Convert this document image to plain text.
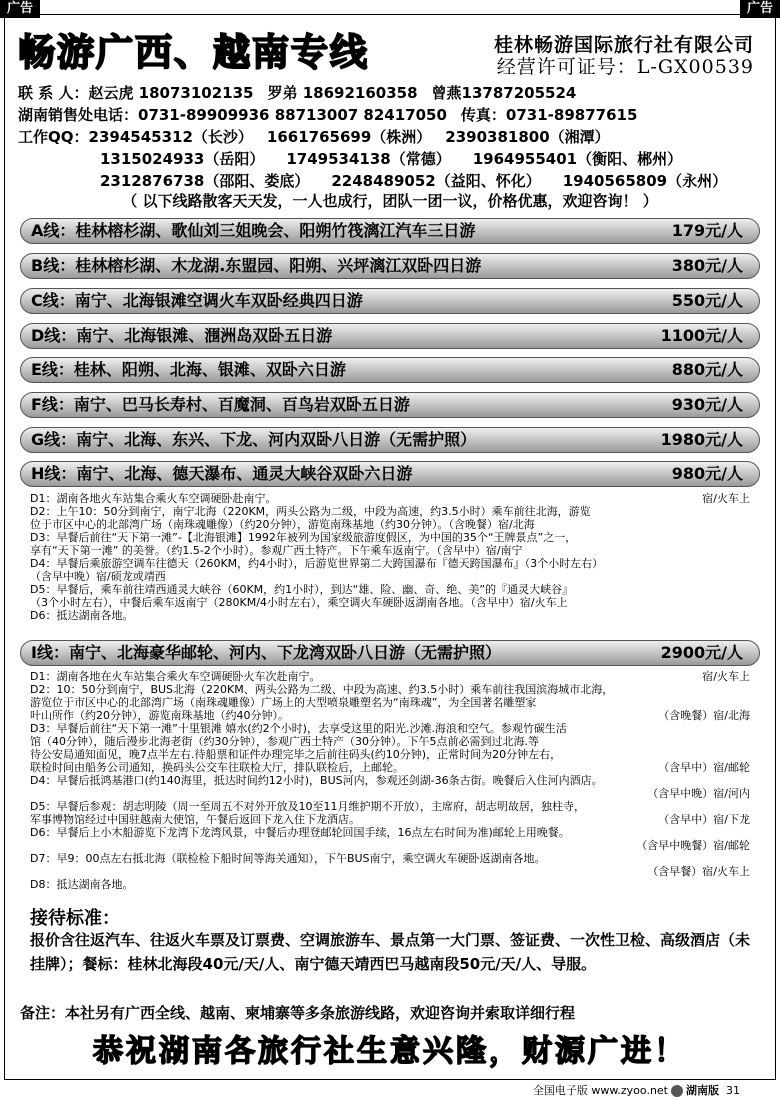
广告	广告
畅游广西、越南专线	桂林畅游国际旅行社有限公司
经营许可证号：L-GX00539
联 系 人：赵云虎 18073102135 罗弟 18692160358 曾燕13787205524
湖南销售处电话：0731-89909936 88713007 82417050 传真：0731-89877615
工作QQ：2394545312（长沙） 1661765699（株洲） 2390381800（湘潭）
1315024933（岳阳） 1749534138（常德） 1964955401（衡阳、郴州）
2312876738（邵阳、娄底） 2248489052（益阳、怀化） 1940565809（永州）
（ 以下线路散客天天发，一人也成行，团队一团一议，价格优惠，欢迎咨询！ ）
A线：桂林榕杉湖、歌仙刘三姐晚会、阳朔竹筏漓江汽车三日游	179元/人
B线：桂林榕杉湖、木龙湖.东盟园、阳朔、兴坪漓江双卧四日游	380元/人
C线：南宁、北海银滩空调火车双卧经典四日游	550元/人
D线：南宁、北海银滩、涠洲岛双卧五日游	1100元/人
E线：桂林、阳朔、北海、银滩、双卧六日游	880元/人
F线：南宁、巴马长寿村、百魔洞、百鸟岩双卧五日游	930元/人
G线：南宁、北海、东兴、下龙、河内双卧八日游（无需护照）	1980元/人
H线：南宁、北海、德天瀑布、通灵大峡谷双卧六日游	980元/人
D1：湖南各地火车站集合乘火车空调硬卧赴南宁。	宿/火车上
D2：上午10：50分到南宁，南宁北海（220KM，两头公路为二级，中段为高速，约3.5小时）乘车前往北海，游览
位于市区中心的北部湾广场（南珠魂雕像）（约20分钟），游览南珠基地（约30分钟）。（含晚餐）宿/北海
D3：早餐后前往“天下第一滩”-【北海银滩】1992年被列为国家级旅游度假区，为中国的35个“王牌景点”之一，
享有“天下第一滩” 的美誉。（约1.5-2个小时）。参观广西土特产。下午乘车返南宁。（含早中）宿/南宁
D4：早餐后乘旅游空调车往德天（260KM，约4小时），后游览世界第二大跨国瀑布『德天跨国瀑布』（3个小时左右）
（含早中晚）宿/硕龙或靖西
D5：早餐后，乘车前往靖西通灵大峡谷（60KM，约1小时），到达“雄、险、幽、奇、绝、美”的『通灵大峡谷』
（3个小时左右），中餐后乘车返南宁（280KM/4小时左右），乘空调火车硬卧返湖南各地。（含早中）宿/火车上
D6：抵达湖南各地。
I线：南宁、北海豪华邮轮、河内、下龙湾双卧八日游（无需护照）	2900元/人
D1：湖南各地在火车站集合乘火车空调硬卧火车次赴南宁。	宿/火车上
D2：10：50分到南宁，BUS北海（220KM、两头公路为二级、中段为高速、约3.5小时）乘车前往我国滨海城市北海，
游览位于市区中心的北部湾广场（南珠魂雕像）广场上的大型喷泉雕塑名为“南珠魂”，为全国著名雕塑家
叶山所作（约20分钟），游览南珠基地（约40分钟）。	（含晚餐）宿/北海
D3：早餐后前往“天下第一滩”十里银滩 嬉水(约2个小时)，去享受这里的阳光.沙滩.海浪和空气。参观竹碳生活
馆（40分钟），随后漫步北海老街（约30分钟），参观广西土特产（30分钟）。下午5点前必需到过北海.等
待公安局通知面见，晚7点半左右.待船票和证件办理完毕之后前往码头(约10分钟)，正常时间为20分钟左右，
联检时间由船务公司通知，换码头公交车往联检大厅，排队联检后，上邮轮。	（含早中）宿/邮轮
D4：早餐后抵鸿基港口(约140海里，抵达时间约12小时)，BUS河内，参观还剑湖-36条古街。晚餐后入住河内酒店。
（含早中晚）宿/河内
D5：早餐后参观：胡志明陵（周一至周五不对外开放及10至11月维护期不开放），主席府，胡志明故居，独柱寺，
军事博物馆经过中国驻越南大使馆，午餐后返回下龙入住下龙酒店。	（含早中）宿/下龙
D6：早餐后上小木船游览下龙湾下龙湾风景，中餐后办理登邮轮回国手续，16点左右时间为准)邮轮上用晚餐。
（含早中晚餐）宿/邮轮
D7：早9：00点左右抵北海（联检检下船时间等海关通知），下午BUS南宁，乘空调火车硬卧返湖南各地。
（含早餐）宿/火车上
D8：抵达湖南各地。
接待标准：
报价含往返汽车、往返火车票及订票费、空调旅游车、景点第一大门票、签证费、一次性卫检、高级酒店（未挂牌）；餐标：桂林北海段40元/天/人、南宁德天靖西巴马越南段50元/天/人、导服。
备注：本社另有广西全线、越南、柬埔寨等多条旅游线路，欢迎咨询并索取详细行程
恭祝湖南各旅行社生意兴隆，财源广进！
全国电子版 www.zyoo.net 湖南版 31
